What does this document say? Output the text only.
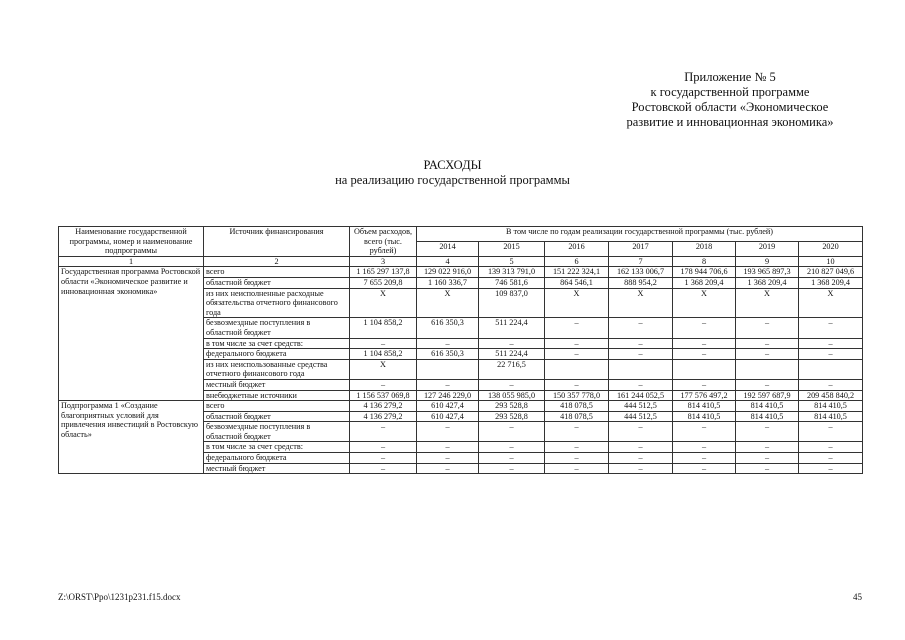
Приложение № 5
к государственной программе
Ростовской области «Экономическое
развитие и инновационная экономика»
РАСХОДЫ
на реализацию государственной программы
Наименование государственной программы, номер и наименование подпрограммы	Источник финансирования	Объем расходов, всего (тыс. рублей)	В том числе по годам реализации государственной программы (тыс. рублей)						
			2014	2015	2016	2017	2018	2019	2020
1	2	3	4	5	6	7	8	9	10
Государственная программа Ростовской области «Экономическое развитие и инновационная экономика»	всего	1 165 297 137,8	129 022 916,0	139 313 791,0	151 222 324,1	162 133 006,7	178 944 706,6	193 965 897,3	210 827 049,6
	областной бюджет	7 655 209,8	1 160 336,7	746 581,6	864 546,1	888 954,2	1 368 209,4	1 368 209,4	1 368 209,4
	из них неисполненные расходные обязательства отчетного финансового года	X	X	109 837,0	X	X	X	X	X
	безвозмездные поступления в областной бюджет	1 104 858,2	616 350,3	511 224,4	–	–	–	–	–
	в том числе за счет средств:	–	–	–	–	–	–	–	–
	федерального бюджета	1 104 858,2	616 350,3	511 224,4	–	–	–	–	–
	из них неиспользованные средства отчетного финансового года	X		22 716,5					
	местный бюджет	–	–	–	–	–	–	–	–
	внебюджетные источники	1 156 537 069,8	127 246 229,0	138 055 985,0	150 357 778,0	161 244 052,5	177 576 497,2	192 597 687,9	209 458 840,2
Подпрограмма 1 «Создание благоприятных условий для привлечения инвестиций в Ростовскую область»	всего	4 136 279,2	610 427,4	293 528,8	418 078,5	444 512,5	814 410,5	814 410,5	814 410,5
	областной бюджет	4 136 279,2	610 427,4	293 528,8	418 078,5	444 512,5	814 410,5	814 410,5	814 410,5
	безвозмездные поступления в областной бюджет	–	–	–	–	–	–	–	–
	в том числе за счет средств:	–	–	–	–	–	–	–	–
	федерального бюджета	–	–	–	–	–	–	–	–
	местный бюджет	–	–	–	–	–	–	–	–
Z:\ORST\Ppo\1231p231.f15.docx	45
